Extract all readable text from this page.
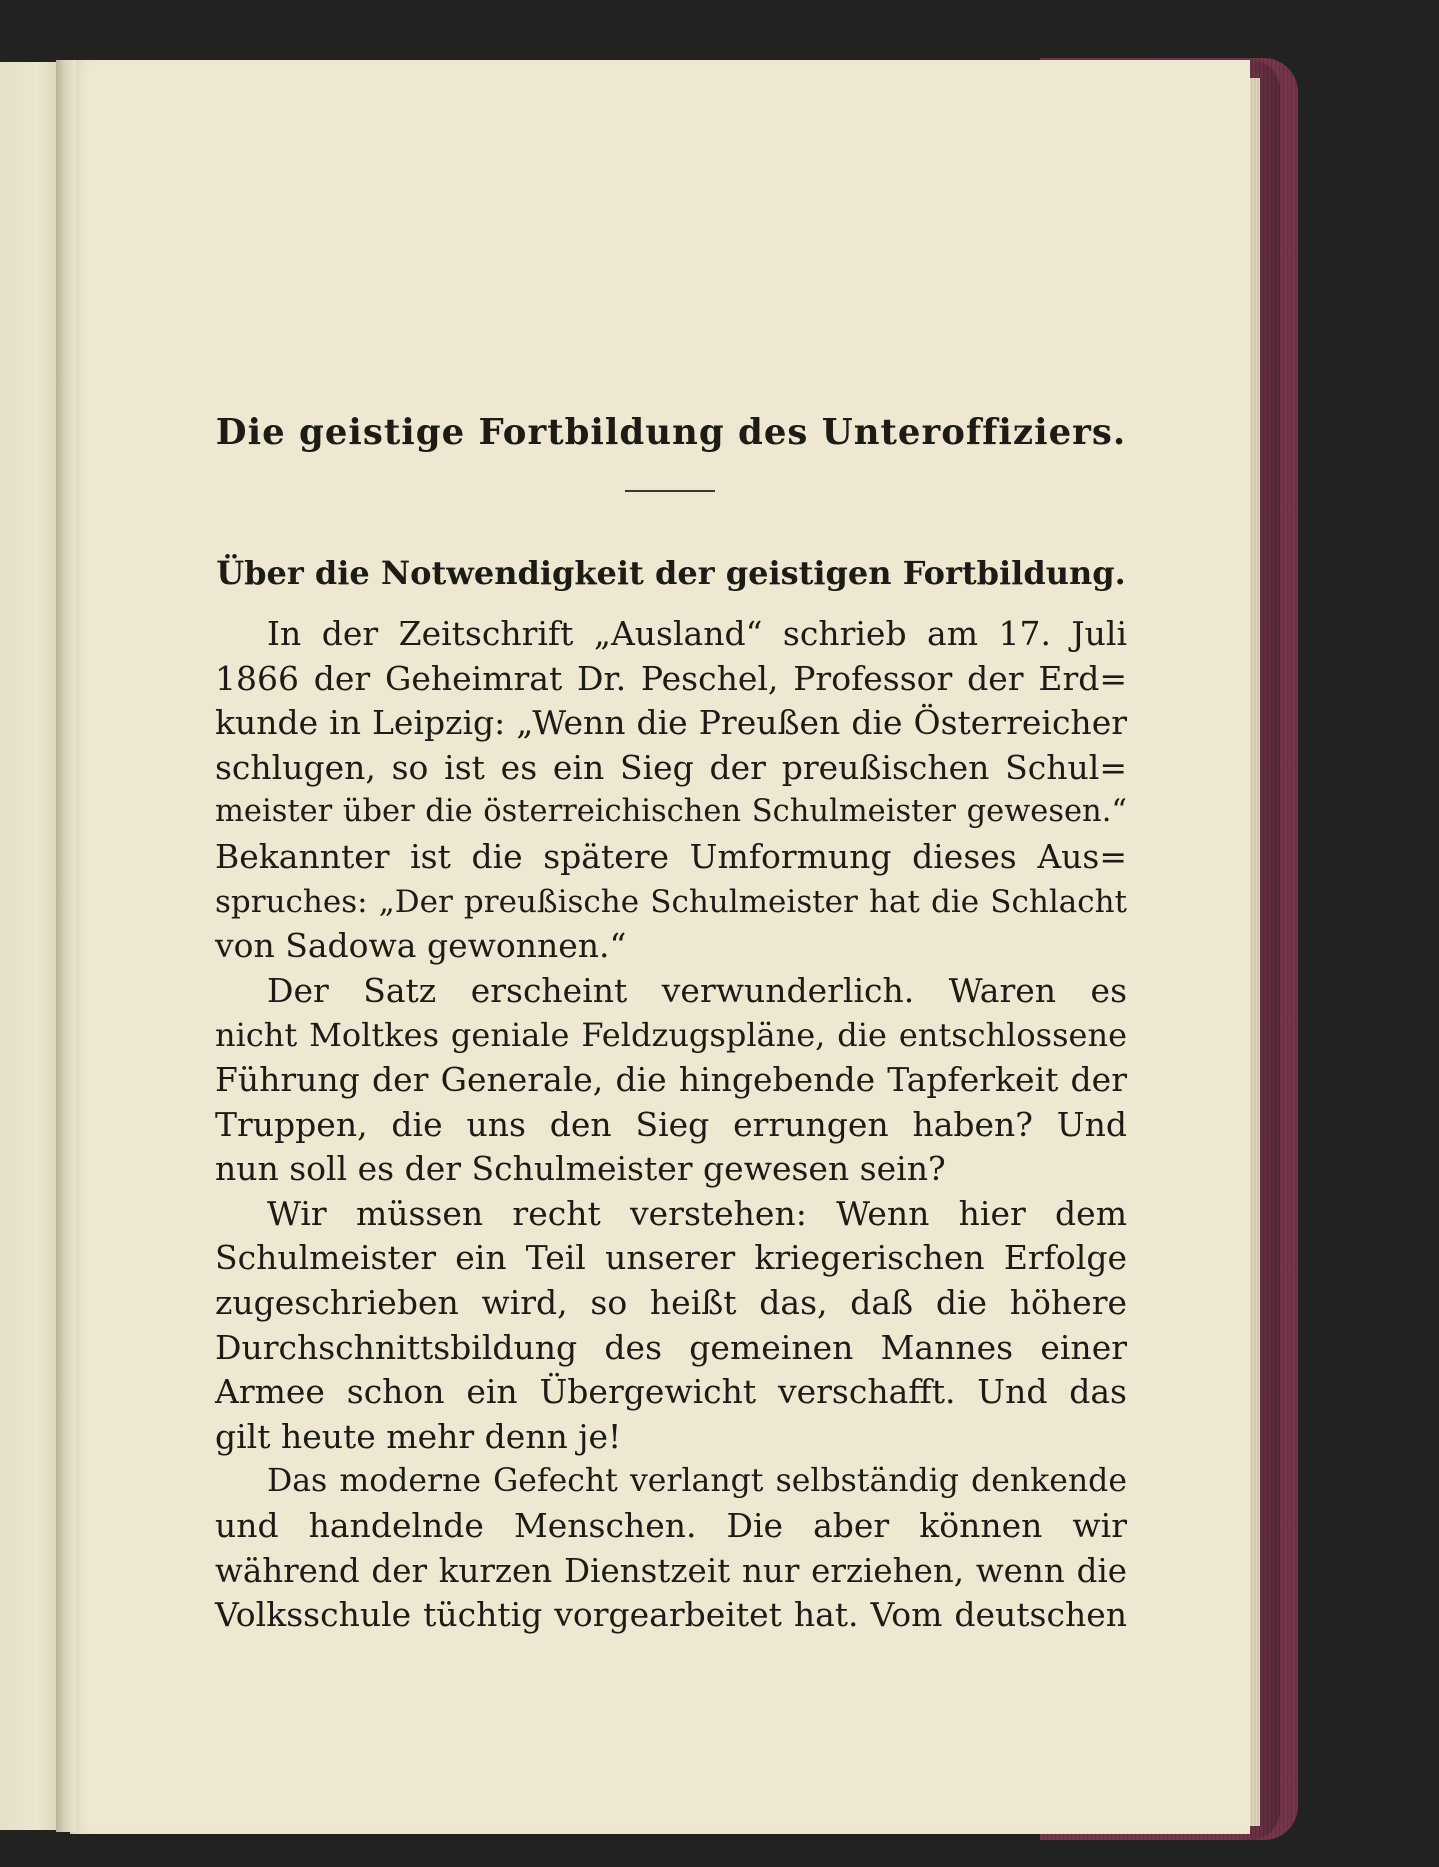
Die geistige Fortbildung des Unteroffiziers.
Über die Notwendigkeit der geistigen Fortbildung.
In der Zeitschrift „Ausland“ schrieb am 17. Juli
1866 der Geheimrat Dr. Peschel, Professor der Erd=
kunde in Leipzig: „Wenn die Preußen die Österreicher
schlugen, so ist es ein Sieg der preußischen Schul=
meister über die österreichischen Schulmeister gewesen.“
Bekannter ist die spätere Umformung dieses Aus=
spruches: „Der preußische Schulmeister hat die Schlacht
von Sadowa gewonnen.“
Der Satz erscheint verwunderlich. Waren es
nicht Moltkes geniale Feldzugspläne, die entschlossene
Führung der Generale, die hingebende Tapferkeit der
Truppen, die uns den Sieg errungen haben? Und
nun soll es der Schulmeister gewesen sein?
Wir müssen recht verstehen: Wenn hier dem
Schulmeister ein Teil unserer kriegerischen Erfolge
zugeschrieben wird, so heißt das, daß die höhere
Durchschnittsbildung des gemeinen Mannes einer
Armee schon ein Übergewicht verschafft. Und das
gilt heute mehr denn je!
Das moderne Gefecht verlangt selbständig denkende
und handelnde Menschen. Die aber können wir
während der kurzen Dienstzeit nur erziehen, wenn die
Volksschule tüchtig vorgearbeitet hat. Vom deutschen
